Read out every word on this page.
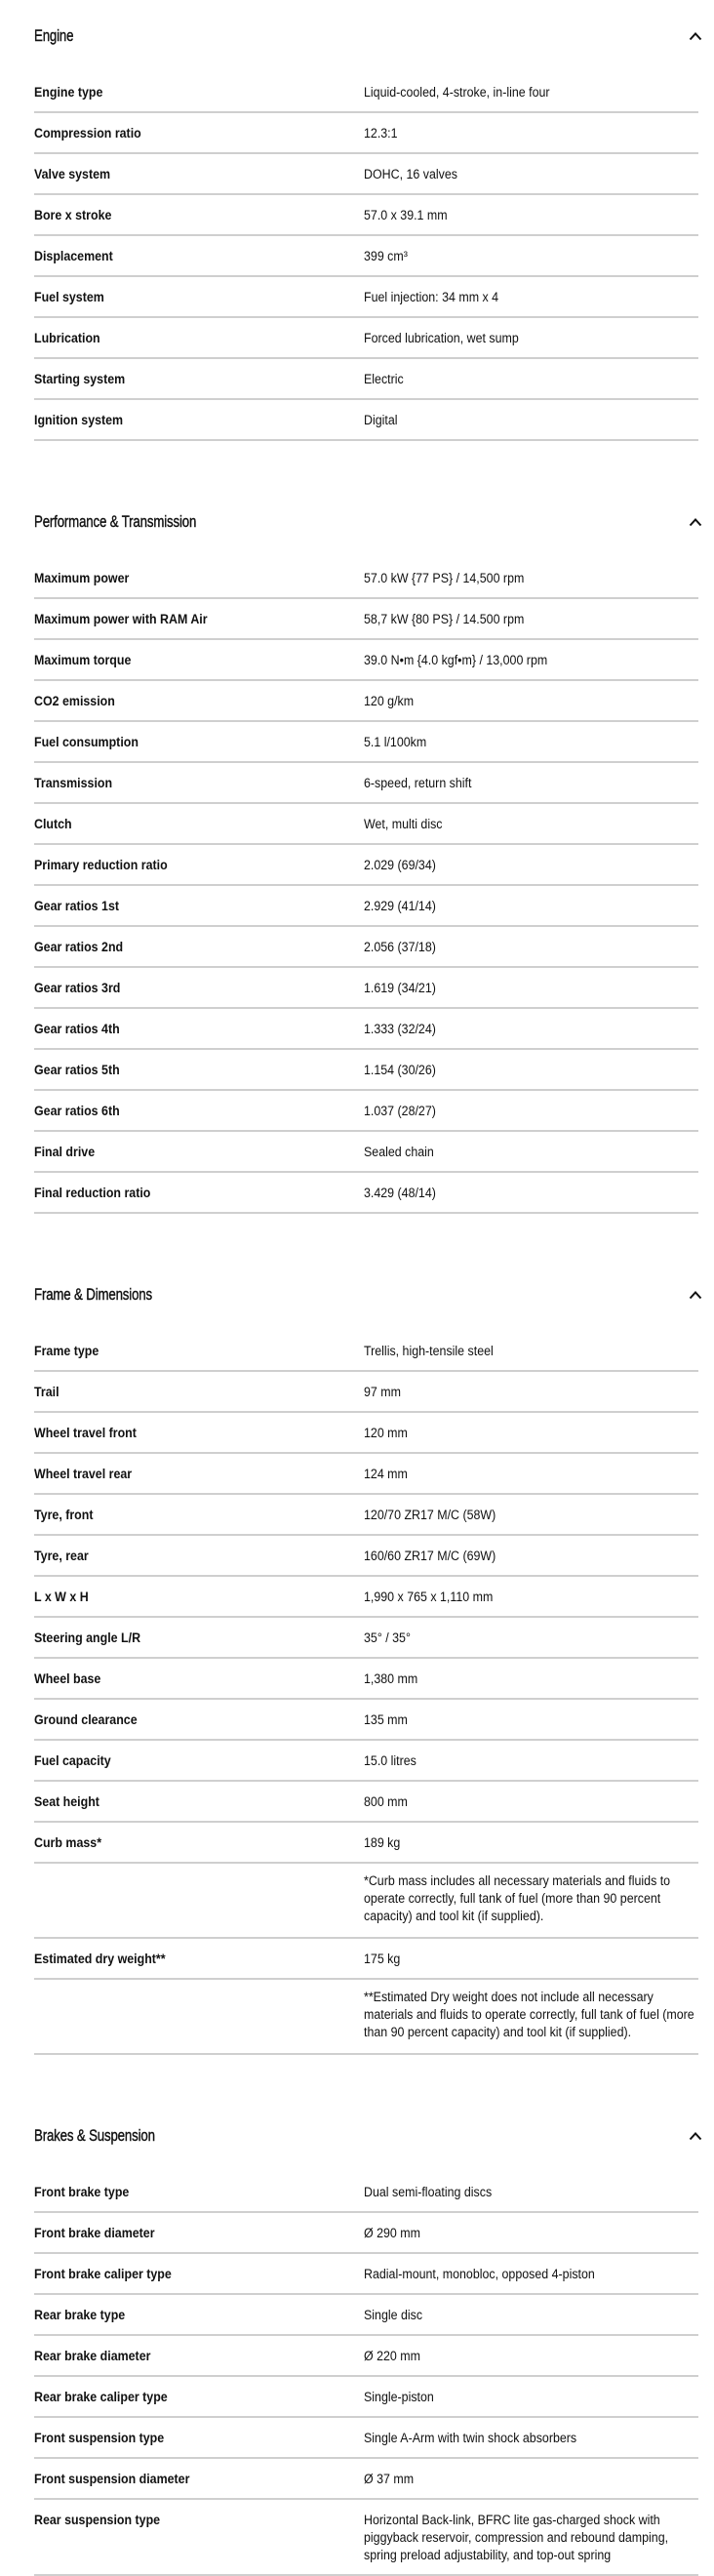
Engine
Engine type	Liquid-cooled, 4-stroke, in-line four
Compression ratio	12.3:1
Valve system	DOHC, 16 valves
Bore x stroke	57.0 x 39.1 mm
Displacement	399 cm³
Fuel system	Fuel injection: 34 mm x 4
Lubrication	Forced lubrication, wet sump
Starting system	Electric
Ignition system	Digital
Performance & Transmission
Maximum power	57.0 kW {77 PS} / 14,500 rpm
Maximum power with RAM Air	58,7 kW {80 PS} / 14.500 rpm
Maximum torque	39.0 N•m {4.0 kgf•m} / 13,000 rpm
CO2 emission	120 g/km
Fuel consumption	5.1 l/100km
Transmission	6-speed, return shift
Clutch	Wet, multi disc
Primary reduction ratio	2.029 (69/34)
Gear ratios 1st	2.929 (41/14)
Gear ratios 2nd	2.056 (37/18)
Gear ratios 3rd	1.619 (34/21)
Gear ratios 4th	1.333 (32/24)
Gear ratios 5th	1.154 (30/26)
Gear ratios 6th	1.037 (28/27)
Final drive	Sealed chain
Final reduction ratio	3.429 (48/14)
Frame & Dimensions
Frame type	Trellis, high-tensile steel
Trail	97 mm
Wheel travel front	120 mm
Wheel travel rear	124 mm
Tyre, front	120/70 ZR17 M/C (58W)
Tyre, rear	160/60 ZR17 M/C (69W)
L x W x H	1,990 x 765 x 1,110 mm
Steering angle L/R	35° / 35°
Wheel base	1,380 mm
Ground clearance	135 mm
Fuel capacity	15.0 litres
Seat height	800 mm
Curb mass*	189 kg
*Curb mass includes all necessary materials and fluids to operate correctly, full tank of fuel (more than 90 percent capacity) and tool kit (if supplied).
Estimated dry weight**	175 kg
**Estimated Dry weight does not include all necessary materials and fluids to operate correctly, full tank of fuel (more than 90 percent capacity) and tool kit (if supplied).
Brakes & Suspension
Front brake type	Dual semi-floating discs
Front brake diameter	Ø 290 mm
Front brake caliper type	Radial-mount, monobloc, opposed 4-piston
Rear brake type	Single disc
Rear brake diameter	Ø 220 mm
Rear brake caliper type	Single-piston
Front suspension type	Single A-Arm with twin shock absorbers
Front suspension diameter	Ø 37 mm
Rear suspension type	Horizontal Back-link, BFRC lite gas-charged shock with piggyback reservoir, compression and rebound damping, spring preload adjustability, and top-out spring
